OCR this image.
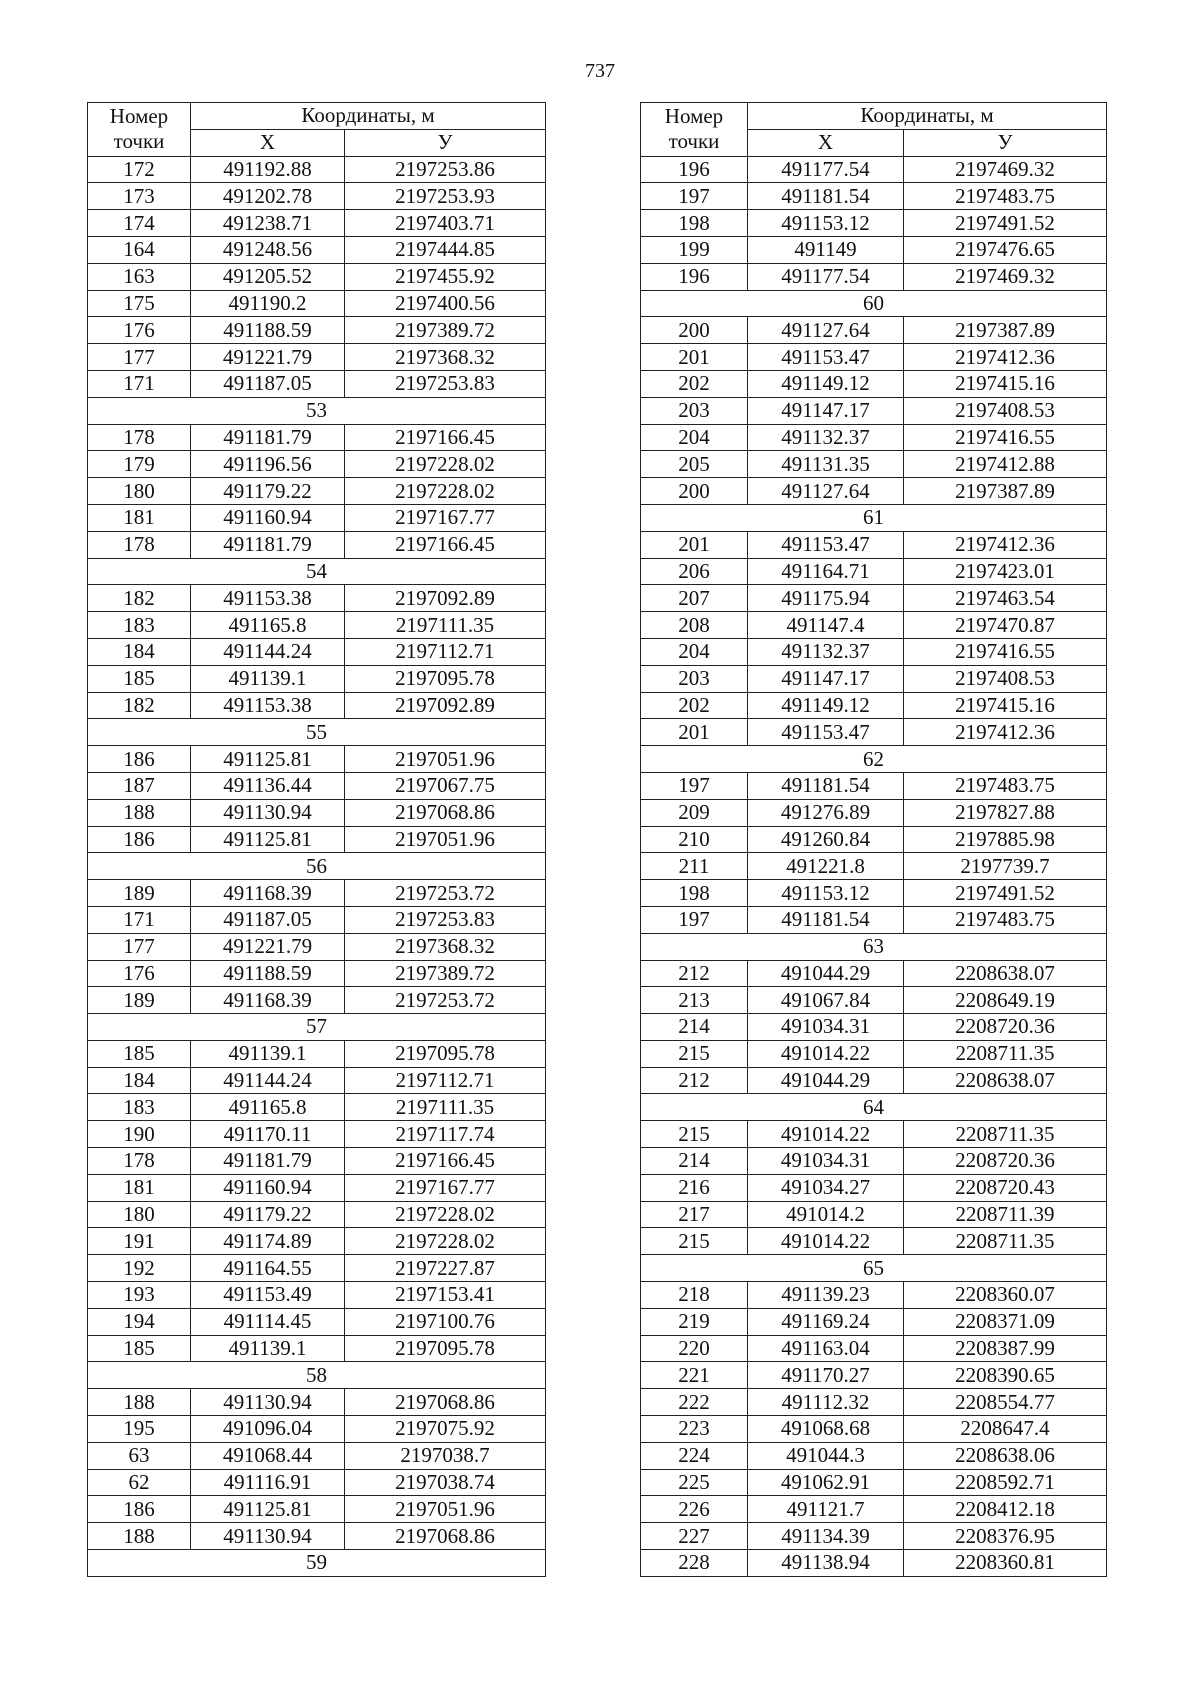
737
Номер
точки	Координаты, м	
	Х	У
172	491192.88	2197253.86
173	491202.78	2197253.93
174	491238.71	2197403.71
164	491248.56	2197444.85
163	491205.52	2197455.92
175	491190.2	2197400.56
176	491188.59	2197389.72
177	491221.79	2197368.32
171	491187.05	2197253.83
53		
178	491181.79	2197166.45
179	491196.56	2197228.02
180	491179.22	2197228.02
181	491160.94	2197167.77
178	491181.79	2197166.45
54		
182	491153.38	2197092.89
183	491165.8	2197111.35
184	491144.24	2197112.71
185	491139.1	2197095.78
182	491153.38	2197092.89
55		
186	491125.81	2197051.96
187	491136.44	2197067.75
188	491130.94	2197068.86
186	491125.81	2197051.96
56		
189	491168.39	2197253.72
171	491187.05	2197253.83
177	491221.79	2197368.32
176	491188.59	2197389.72
189	491168.39	2197253.72
57		
185	491139.1	2197095.78
184	491144.24	2197112.71
183	491165.8	2197111.35
190	491170.11	2197117.74
178	491181.79	2197166.45
181	491160.94	2197167.77
180	491179.22	2197228.02
191	491174.89	2197228.02
192	491164.55	2197227.87
193	491153.49	2197153.41
194	491114.45	2197100.76
185	491139.1	2197095.78
58		
188	491130.94	2197068.86
195	491096.04	2197075.92
63	491068.44	2197038.7
62	491116.91	2197038.74
186	491125.81	2197051.96
188	491130.94	2197068.86
59		
Номер
точки	Координаты, м	
	Х	У
196	491177.54	2197469.32
197	491181.54	2197483.75
198	491153.12	2197491.52
199	491149	2197476.65
196	491177.54	2197469.32
60		
200	491127.64	2197387.89
201	491153.47	2197412.36
202	491149.12	2197415.16
203	491147.17	2197408.53
204	491132.37	2197416.55
205	491131.35	2197412.88
200	491127.64	2197387.89
61		
201	491153.47	2197412.36
206	491164.71	2197423.01
207	491175.94	2197463.54
208	491147.4	2197470.87
204	491132.37	2197416.55
203	491147.17	2197408.53
202	491149.12	2197415.16
201	491153.47	2197412.36
62		
197	491181.54	2197483.75
209	491276.89	2197827.88
210	491260.84	2197885.98
211	491221.8	2197739.7
198	491153.12	2197491.52
197	491181.54	2197483.75
63		
212	491044.29	2208638.07
213	491067.84	2208649.19
214	491034.31	2208720.36
215	491014.22	2208711.35
212	491044.29	2208638.07
64		
215	491014.22	2208711.35
214	491034.31	2208720.36
216	491034.27	2208720.43
217	491014.2	2208711.39
215	491014.22	2208711.35
65		
218	491139.23	2208360.07
219	491169.24	2208371.09
220	491163.04	2208387.99
221	491170.27	2208390.65
222	491112.32	2208554.77
223	491068.68	2208647.4
224	491044.3	2208638.06
225	491062.91	2208592.71
226	491121.7	2208412.18
227	491134.39	2208376.95
228	491138.94	2208360.81
